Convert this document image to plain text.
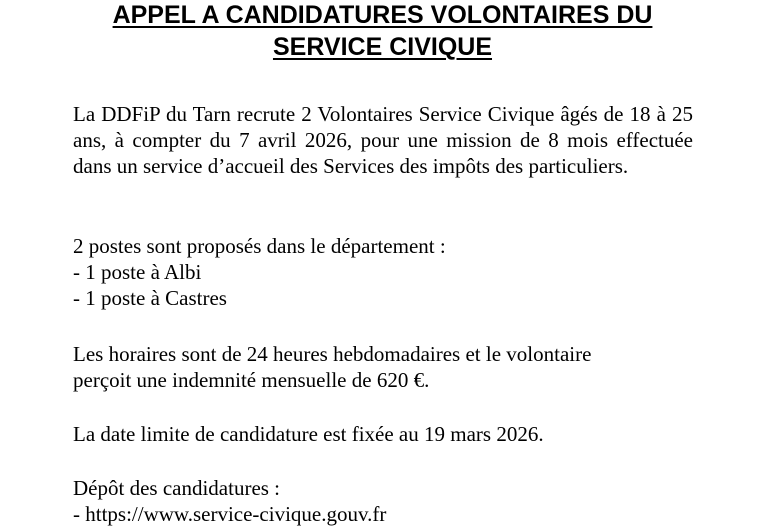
APPEL A CANDIDATURES VOLONTAIRES DU
SERVICE CIVIQUE

La DDFiP du Tarn recrute 2 Volontaires Service Civique âgés de 18 à 25 ans, à compter du 7 avril 2026, pour une mission de 8 mois effectuée dans un service d’accueil des Services des impôts des particuliers.

2 postes sont proposés dans le département :
- 1 poste à Albi
- 1 poste à Castres
Les horaires sont de 24 heures hebdomadaires et le volontaire
perçoit une indemnité mensuelle de 620 €.

La date limite de candidature est fixée au 19 mars 2026.

Dépôt des candidatures :

- https://www.service-civique.gouv.fr
